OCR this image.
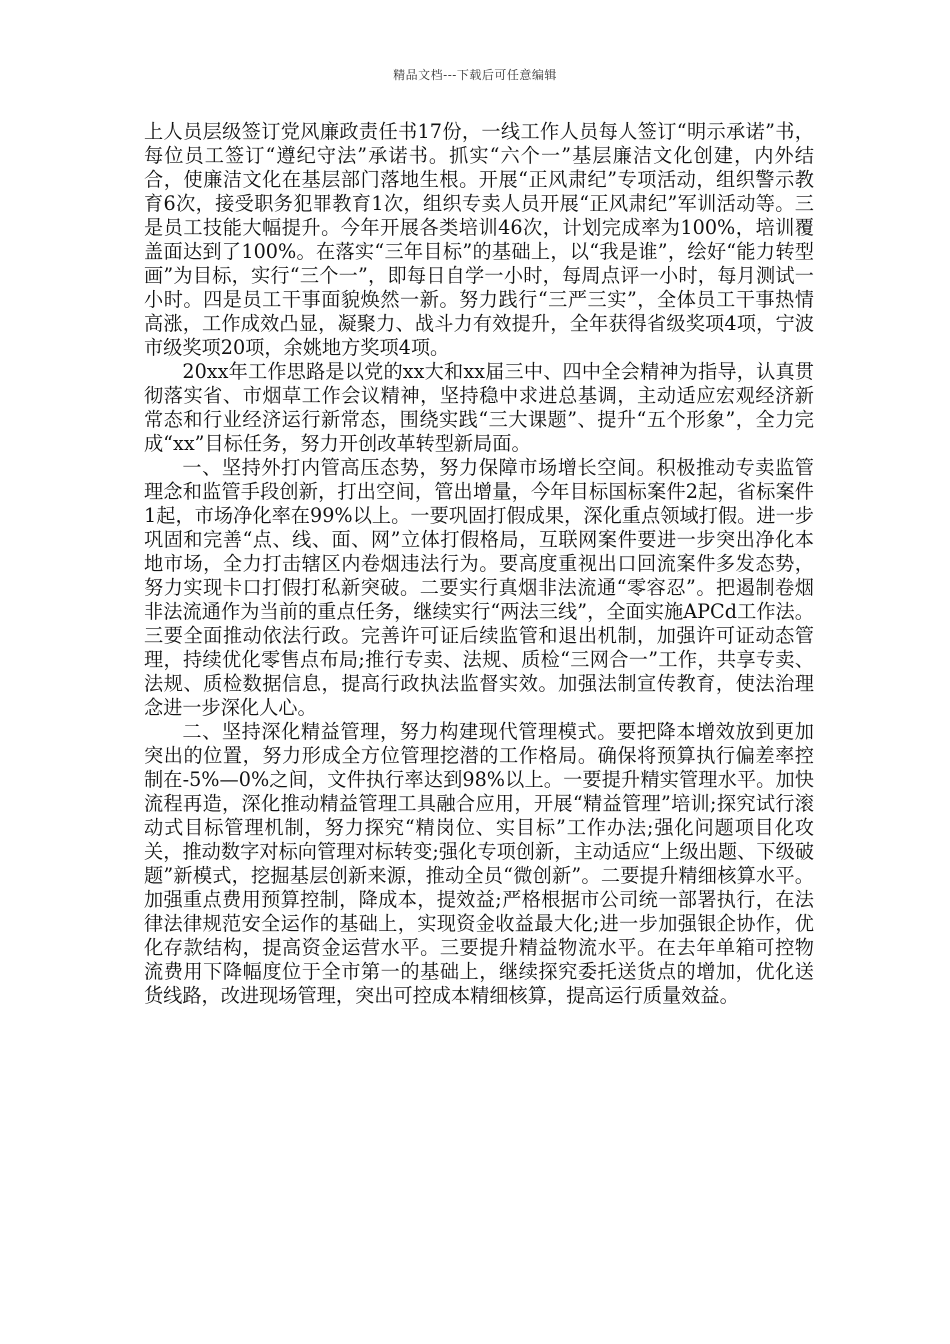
精品文档---下载后可任意编辑

上人员层级签订党风廉政责任书17份，一线工作人员每人签订“明示承诺”书，每位员工签订“遵纪守法”承诺书。抓实“六个一”基层廉洁文化创建，内外结合，使廉洁文化在基层部门落地生根。开展“正风肃纪”专项活动，组织警示教育6次，接受职务犯罪教育1次，组织专卖人员开展“正风肃纪”军训活动等。三是员工技能大幅提升。今年开展各类培训46次，计划完成率为100%，培训覆盖面达到了100%。在落实“三年目标”的基础上，以“我是谁”，绘好“能力转型画”为目标，实行“三个一”，即每日自学一小时，每周点评一小时，每月测试一小时。四是员工干事面貌焕然一新。努力践行“三严三实”，全体员工干事热情高涨，工作成效凸显，凝聚力、战斗力有效提升，全年获得省级奖项4项，宁波市级奖项20项，余姚地方奖项4项。

20xx年工作思路是以党的xx大和xx届三中、四中全会精神为指导，认真贯彻落实省、市烟草工作会议精神，坚持稳中求进总基调，主动适应宏观经济新常态和行业经济运行新常态，围绕实践“三大课题”、提升“五个形象”，全力完成“xx”目标任务，努力开创改革转型新局面。

一、坚持外打内管高压态势，努力保障市场增长空间。积极推动专卖监管理念和监管手段创新，打出空间，管出增量，今年目标国标案件2起，省标案件1起，市场净化率在99%以上。一要巩固打假成果，深化重点领域打假。进一步巩固和完善“点、线、面、网”立体打假格局，互联网案件要进一步突出净化本地市场，全力打击辖区内卷烟违法行为。要高度重视出口回流案件多发态势，努力实现卡口打假打私新突破。二要实行真烟非法流通“零容忍”。把遏制卷烟非法流通作为当前的重点任务，继续实行“两法三线”，全面实施APCd工作法。三要全面推动依法行政。完善许可证后续监管和退出机制，加强许可证动态管理，持续优化零售点布局;推行专卖、法规、质检“三网合一”工作，共享专卖、法规、质检数据信息，提高行政执法监督实效。加强法制宣传教育，使法治理念进一步深化人心。

二、坚持深化精益管理，努力构建现代管理模式。要把降本增效放到更加突出的位置，努力形成全方位管理挖潜的工作格局。确保将预算执行偏差率控制在-5%—0%之间，文件执行率达到98%以上。一要提升精实管理水平。加快流程再造，深化推动精益管理工具融合应用，开展“精益管理”培训;探究试行滚动式目标管理机制，努力探究“精岗位、实目标”工作办法;强化问题项目化攻关，推动数字对标向管理对标转变;强化专项创新，主动适应“上级出题、下级破题”新模式，挖掘基层创新来源，推动全员“微创新”。二要提升精细核算水平。加强重点费用预算控制，降成本，提效益;严格根据市公司统一部署执行，在法律法律规范安全运作的基础上，实现资金收益最大化;进一步加强银企协作，优化存款结构，提高资金运营水平。三要提升精益物流水平。在去年单箱可控物流费用下降幅度位于全市第一的基础上，继续探究委托送货点的增加，优化送货线路，改进现场管理，突出可控成本精细核算，提高运行质量效益。
